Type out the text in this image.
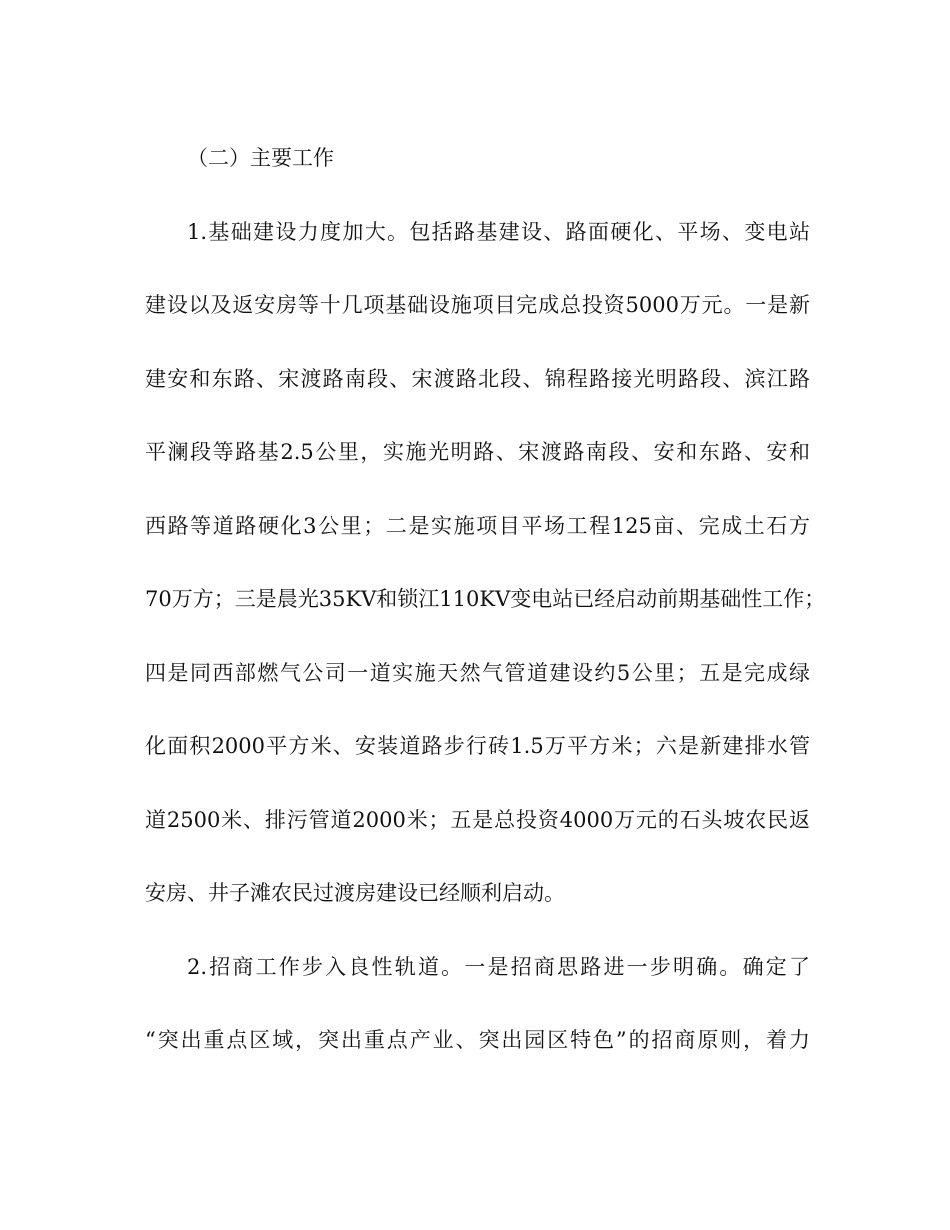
（二）主要工作
1.基础建设力度加大。包括路基建设、路面硬化、平场、变电站
建设以及返安房等十几项基础设施项目完成总投资5000万元。一是新
建安和东路、宋渡路南段、宋渡路北段、锦程路接光明路段、滨江路
平澜段等路基2.5公里，实施光明路、宋渡路南段、安和东路、安和
西路等道路硬化3公里；二是实施项目平场工程125亩、完成土石方
70万方；三是晨光35KV和锁江110KV变电站已经启动前期基础性工作；
四是同西部燃气公司一道实施天然气管道建设约5公里；五是完成绿
化面积2000平方米、安装道路步行砖1.5万平方米；六是新建排水管
道2500米、排污管道2000米；五是总投资4000万元的石头坡农民返
安房、井子滩农民过渡房建设已经顺利启动。
2.招商工作步入良性轨道。一是招商思路进一步明确。确定了
“突出重点区域，突出重点产业、突出园区特色”的招商原则，着力
